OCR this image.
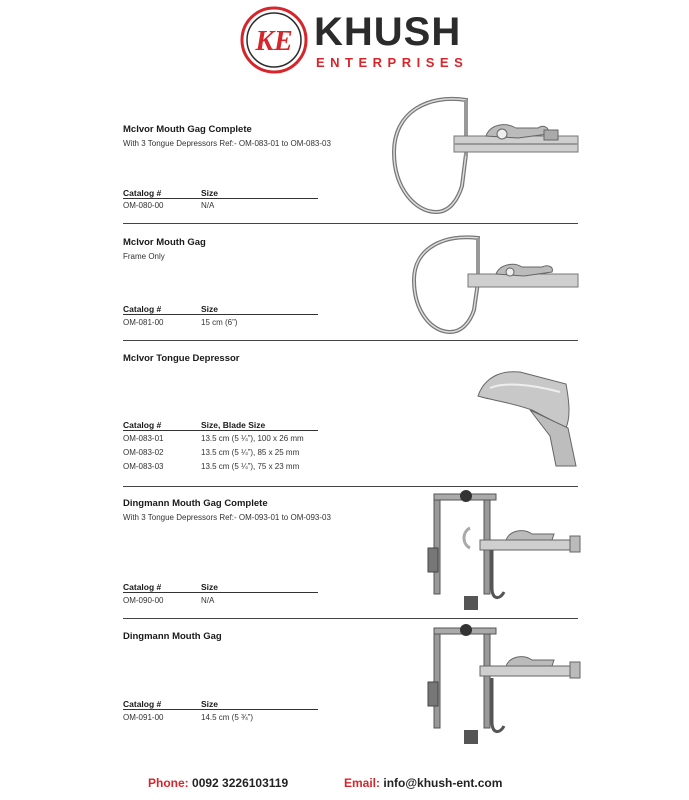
KE KHUSH
ENTERPRISES
McIvor Mouth Gag Complete
With 3 Tongue Depressors Ref:- OM-083-01 to OM-083-03
Catalog #	Size
OM-080-00	N/A
McIvor Mouth Gag
Frame Only
Catalog #	Size
OM-081-00	15 cm (6”)
McIvor Tongue Depressor
Catalog #	Size, Blade Size
OM-083-01	13.5 cm (5 ¼”), 100 x 26 mm
OM-083-02	13.5 cm (5 ¼”), 85 x 25 mm
OM-083-03	13.5 cm (5 ¼”), 75 x 23 mm
Dingmann Mouth Gag Complete
With 3 Tongue Depressors Ref:- OM-093-01 to OM-093-03
Catalog #	Size
OM-090-00	N/A
Dingmann Mouth Gag
Catalog #	Size
OM-091-00	14.5 cm (5 ¾”)
Phone: 0092 3226103119	Email: info@khush-ent.com
